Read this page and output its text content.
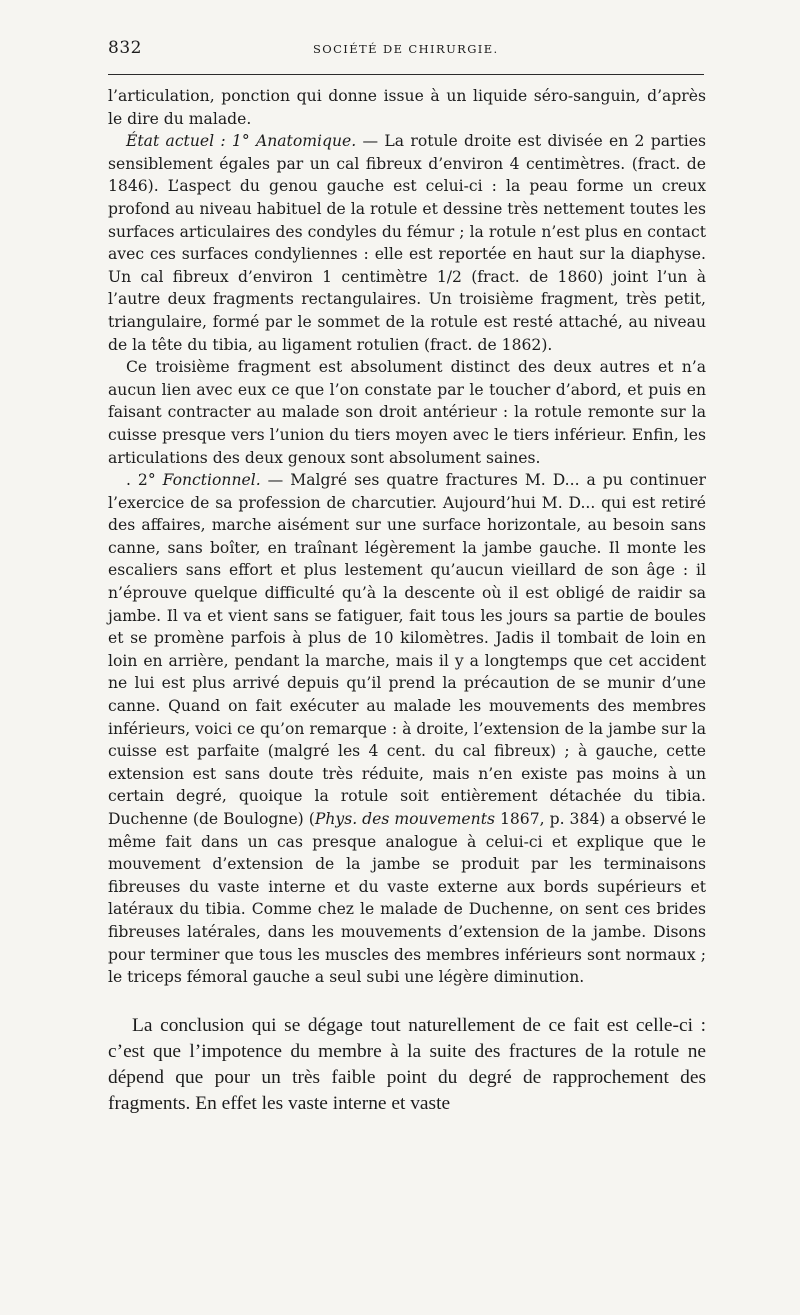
832	SOCIÉTÉ DE CHIRURGIE.

l’articulation, ponction qui donne issue à un liquide séro-sanguin, d’après le dire du malade.

État actuel : 1° Anatomique. — La rotule droite est divisée en 2 parties sensiblement égales par un cal fibreux d’environ 4 centimètres. (fract. de 1846). L’aspect du genou gauche est celui-ci : la peau forme un creux profond au niveau habituel de la rotule et dessine très nettement toutes les surfaces articulaires des condyles du fémur ; la rotule n’est plus en contact avec ces surfaces condyliennes : elle est reportée en haut sur la diaphyse. Un cal fibreux d’environ 1 centimètre 1/2 (fract. de 1860) joint l’un à l’autre deux fragments rectangulaires. Un troisième fragment, très petit, triangulaire, formé par le sommet de la rotule est resté attaché, au niveau de la tête du tibia, au ligament rotulien (fract. de 1862).

Ce troisième fragment est absolument distinct des deux autres et n’a aucun lien avec eux ce que l’on constate par le toucher d’abord, et puis en faisant contracter au malade son droit antérieur : la rotule remonte sur la cuisse presque vers l’union du tiers moyen avec le tiers inférieur. Enfin, les articulations des deux genoux sont absolument saines.

. 2° Fonctionnel. — Malgré ses quatre fractures M. D... a pu continuer l’exercice de sa profession de charcutier. Aujourd’hui M. D... qui est retiré des affaires, marche aisément sur une surface horizontale, au besoin sans canne, sans boîter, en traînant légèrement la jambe gauche. Il monte les escaliers sans effort et plus lestement qu’aucun vieillard de son âge : il n’éprouve quelque difficulté qu’à la descente où il est obligé de raidir sa jambe. Il va et vient sans se fatiguer, fait tous les jours sa partie de boules et se promène parfois à plus de 10 kilomètres. Jadis il tombait de loin en loin en arrière, pendant la marche, mais il y a longtemps que cet accident ne lui est plus arrivé depuis qu’il prend la précaution de se munir d’une canne. Quand on fait exécuter au malade les mouvements des membres inférieurs, voici ce qu’on remarque : à droite, l’extension de la jambe sur la cuisse est parfaite (malgré les 4 cent. du cal fibreux) ; à gauche, cette extension est sans doute très réduite, mais n’en existe pas moins à un certain degré, quoique la rotule soit entièrement détachée du tibia. Duchenne (de Boulogne) (Phys. des mouvements 1867, p. 384) a observé le même fait dans un cas presque analogue à celui-ci et explique que le mouvement d’extension de la jambe se produit par les terminaisons fibreuses du vaste interne et du vaste externe aux bords supérieurs et latéraux du tibia. Comme chez le malade de Duchenne, on sent ces brides fibreuses latérales, dans les mouvements d’extension de la jambe. Disons pour terminer que tous les muscles des membres inférieurs sont normaux ; le triceps fémoral gauche a seul subi une légère diminution.

La conclusion qui se dégage tout naturellement de ce fait est celle-ci : c’est que l’impotence du membre à la suite des fractures de la rotule ne dépend que pour un très faible point du degré de rapprochement des fragments. En effet les vaste interne et vaste
